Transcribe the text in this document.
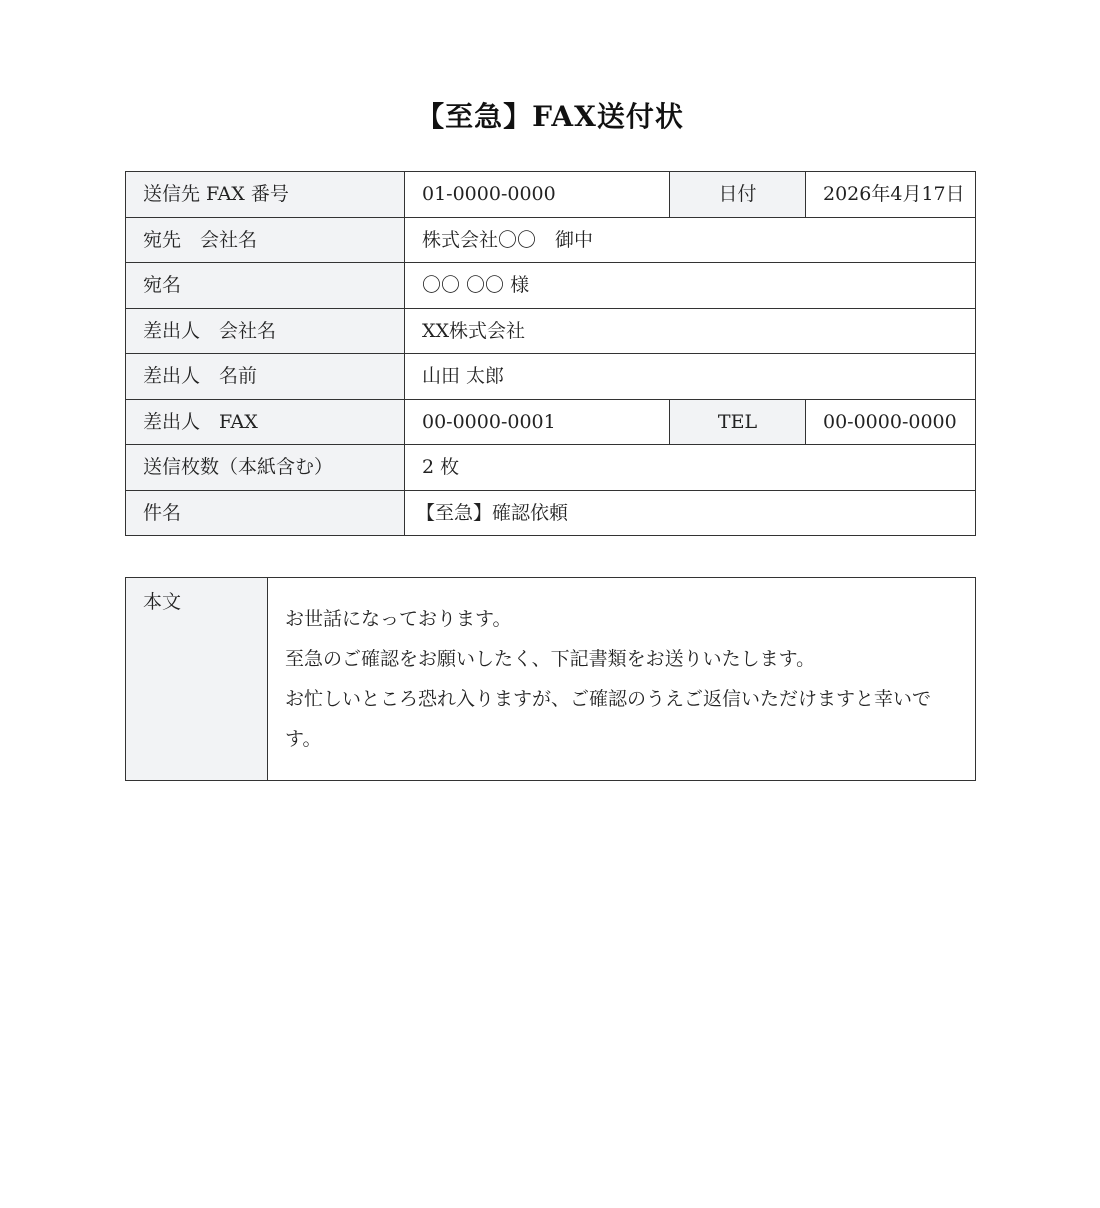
【至急】FAX送付状
送信先 FAX 番号	01-0000-0000	日付	2026年4月17日
宛先　会社名	株式会社〇〇　御中		
宛名	〇〇 〇〇 様		
差出人　会社名	XX株式会社		
差出人　名前	山田 太郎		
差出人　FAX	00-0000-0001	TEL	00-0000-0000
送信枚数（本紙含む）	2 枚		
件名	【至急】確認依頼		
本文	
お世話になっております。
至急のご確認をお願いしたく、下記書類をお送りいたします。
お忙しいところ恐れ入りますが、ご確認のうえご返信いただけますと幸いです。
